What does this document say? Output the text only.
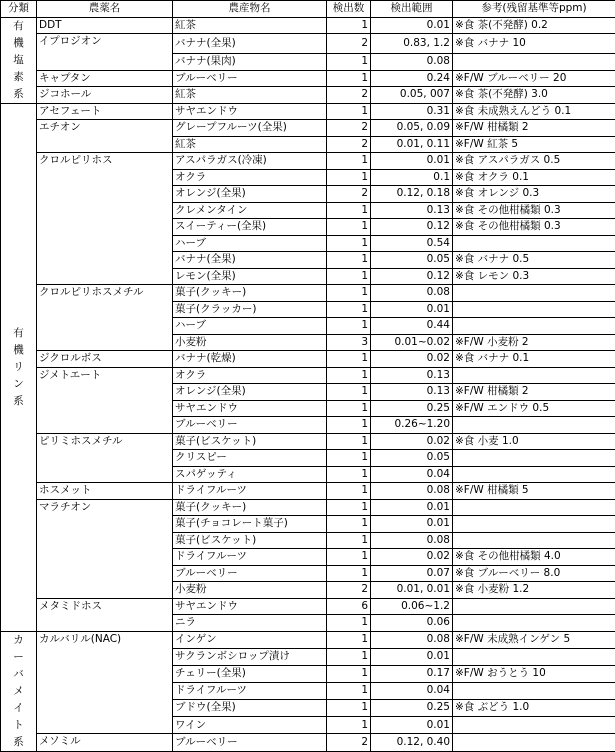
分類	農薬名	農産物名	検出数	検出範囲	参考(残留基準等ppm)
有機塩素系	DDT	紅茶	1	0.01	※食 茶(不発酵) 0.2
	イプロジオン	バナナ(全果)	2	0.83, 1.2	※食 バナナ 10
		バナナ(果肉)	1	0.08	
	キャプタン	ブルーベリー	1	0.24	※F/W ブルーベリー 20
	ジコホール	紅茶	2	0.05, 007	※食 茶(不発酵) 3.0
有機リン系	アセフェート	サヤエンドウ	1	0.31	※食 未成熟えんどう 0.1
	エチオン	グレープフルーツ(全果)	2	0.05, 0.09	※F/W 柑橘類 2
		紅茶	2	0.01, 0.11	※F/W 紅茶 5
	クロルピリホス	アスパラガス(冷凍)	1	0.01	※食 アスパラガス 0.5
		オクラ	1	0.1	※食 オクラ 0.1
		オレンジ(全果)	2	0.12, 0.18	※食 オレンジ 0.3
		クレメンタイン	1	0.13	※食 その他柑橘類 0.3
		スイーティー(全果)	1	0.12	※食 その他柑橘類 0.3
		ハーブ	1	0.54	
		バナナ(全果)	1	0.05	※食 バナナ 0.5
		レモン(全果)	1	0.12	※食 レモン 0.3
	クロルピリホスメチル	菓子(クッキー)	1	0.08	
		菓子(クラッカー)	1	0.01	
		ハーブ	1	0.44	
		小麦粉	3	0.01~0.02	※F/W 小麦粉 2
	ジクロルボス	バナナ(乾燥)	1	0.02	※食 バナナ 0.1
	ジメトエート	オクラ	1	0.13	
		オレンジ(全果)	1	0.13	※F/W 柑橘類 2
		サヤエンドウ	1	0.25	※F/W エンドウ 0.5
		ブルーベリー	1	0.26~1.20	
	ピリミホスメチル	菓子(ビスケット)	1	0.02	※食 小麦 1.0
		クリスピー	1	0.05	
		スパゲッティ	1	0.04	
	ホスメット	ドライフルーツ	1	0.08	※F/W 柑橘類 5
	マラチオン	菓子(クッキー)	1	0.01	
		菓子(チョコレート菓子)	1	0.01	
		菓子(ビスケット)	1	0.08	
		ドライフルーツ	1	0.02	※食 その他柑橘類 4.0
		ブルーベリー	1	0.07	※食 ブルーベリー 8.0
		小麦粉	2	0.01, 0.01	※食 小麦粉 1.2
	メタミドホス	サヤエンドウ	6	0.06~1.2	
		ニラ	1	0.06	
カーバメイト系	カルバリル(NAC)	インゲン	1	0.08	※F/W 未成熟インゲン 5
		サクランボシロップ漬け	1	0.01	
		チェリー(全果)	1	0.17	※F/W おうとう 10
		ドライフルーツ	1	0.04	
		ブドウ(全果)	1	0.25	※食 ぶどう 1.0
		ワイン	1	0.01	
	メソミル	ブルーベリー	2	0.12, 0.40	
